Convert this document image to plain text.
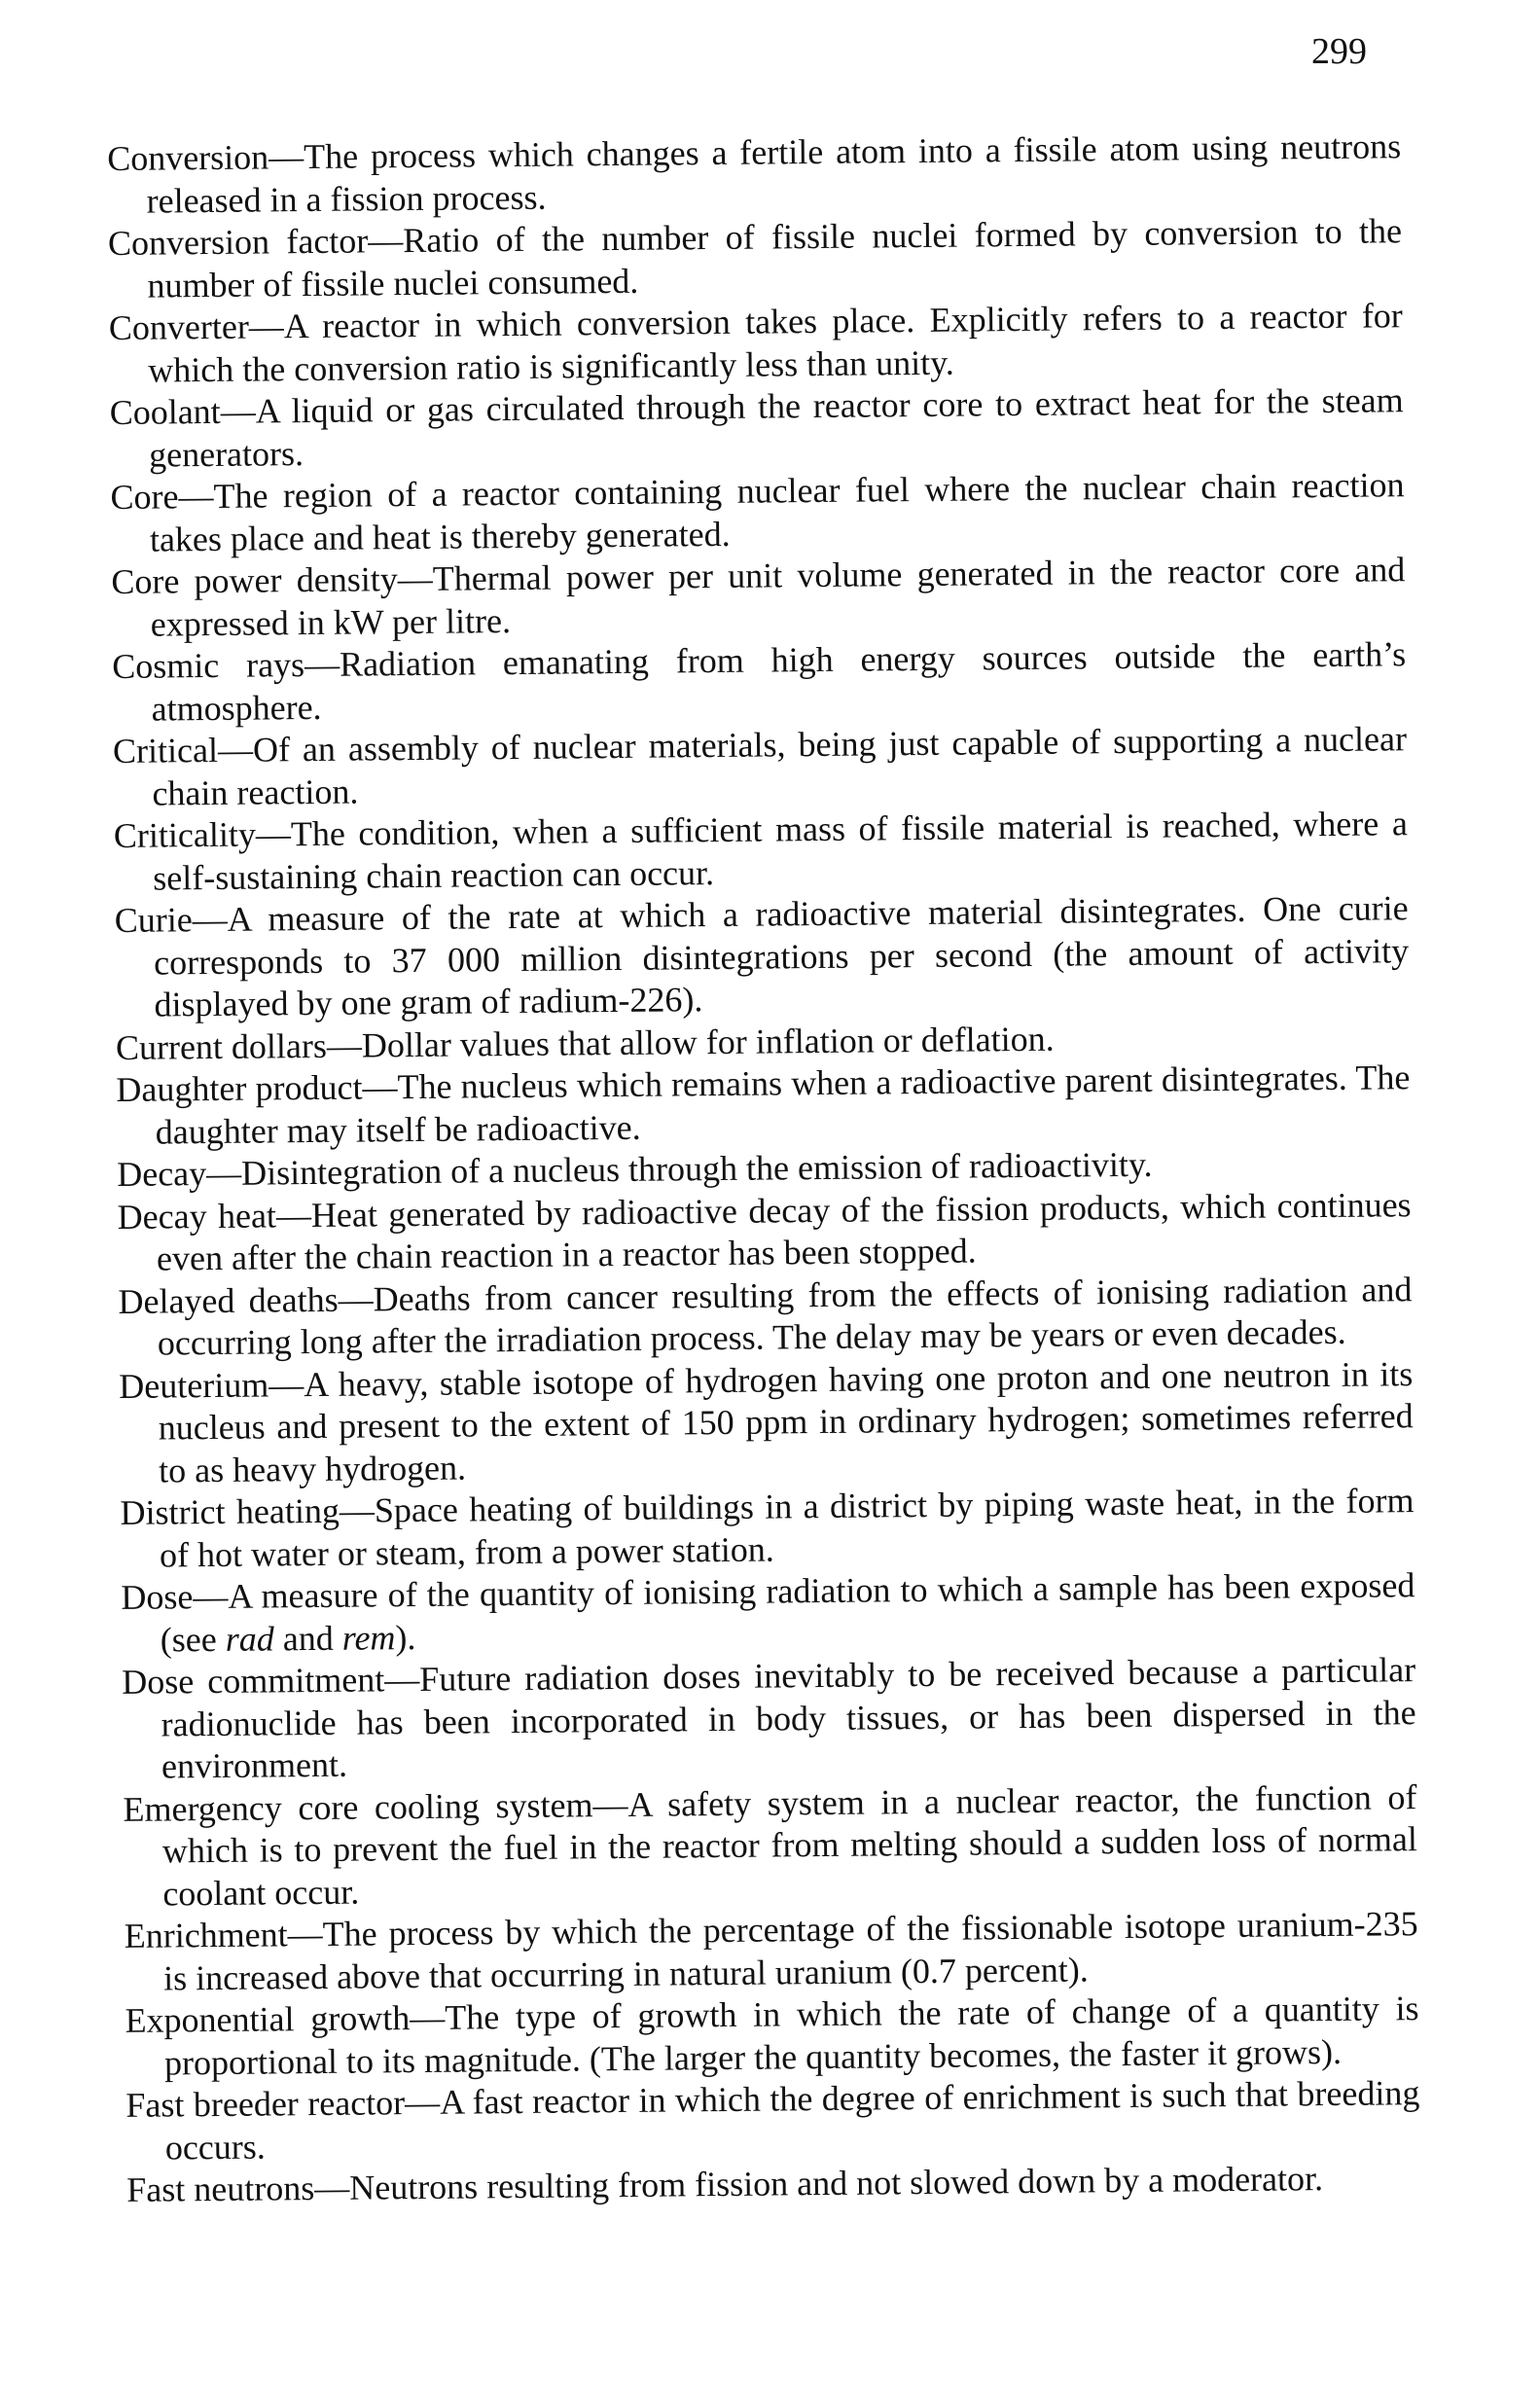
299

Conversion—The process which changes a fertile atom into a fissile atom using neutrons released in a fission process.

Conversion factor—Ratio of the number of fissile nuclei formed by conversion to the number of fissile nuclei consumed.

Converter—A reactor in which conversion takes place. Explicitly refers to a reactor for which the conversion ratio is significantly less than unity.

Coolant—A liquid or gas circulated through the reactor core to extract heat for the steam generators.

Core—The region of a reactor containing nuclear fuel where the nuclear chain reaction takes place and heat is thereby generated.

Core power density—Thermal power per unit volume generated in the reactor core and expressed in kW per litre.

Cosmic rays—Radiation emanating from high energy sources outside the earth’s atmosphere.

Critical—Of an assembly of nuclear materials, being just capable of supporting a nuclear chain reaction.

Criticality—The condition, when a sufficient mass of fissile material is reached, where a self-sustaining chain reaction can occur.

Curie—A measure of the rate at which a radioactive material disintegrates. One curie corresponds to 37 000 million disintegrations per second (the amount of activity displayed by one gram of radium-226).

Current dollars—Dollar values that allow for inflation or deflation.

Daughter product—The nucleus which remains when a radioactive parent disintegrates. The daughter may itself be radioactive.

Decay—Disintegration of a nucleus through the emission of radioactivity.

Decay heat—Heat generated by radioactive decay of the fission products, which continues even after the chain reaction in a reactor has been stopped.

Delayed deaths—Deaths from cancer resulting from the effects of ionising radiation and occurring long after the irradiation process. The delay may be years or even decades.

Deuterium—A heavy, stable isotope of hydrogen having one proton and one neutron in its nucleus and present to the extent of 150 ppm in ordinary hydrogen; sometimes referred to as heavy hydrogen.

District heating—Space heating of buildings in a district by piping waste heat, in the form of hot water or steam, from a power station.

Dose—A measure of the quantity of ionising radiation to which a sample has been exposed (see rad and rem).

Dose commitment—Future radiation doses inevitably to be received because a particular radionuclide has been incorporated in body tissues, or has been dispersed in the environment.

Emergency core cooling system—A safety system in a nuclear reactor, the function of which is to prevent the fuel in the reactor from melting should a sudden loss of normal coolant occur.

Enrichment—The process by which the percentage of the fissionable isotope uranium-235 is increased above that occurring in natural uranium (0.7 percent).

Exponential growth—The type of growth in which the rate of change of a quantity is proportional to its magnitude. (The larger the quantity becomes, the faster it grows).

Fast breeder reactor—A fast reactor in which the degree of enrichment is such that breeding occurs.

Fast neutrons—Neutrons resulting from fission and not slowed down by a moderator.
